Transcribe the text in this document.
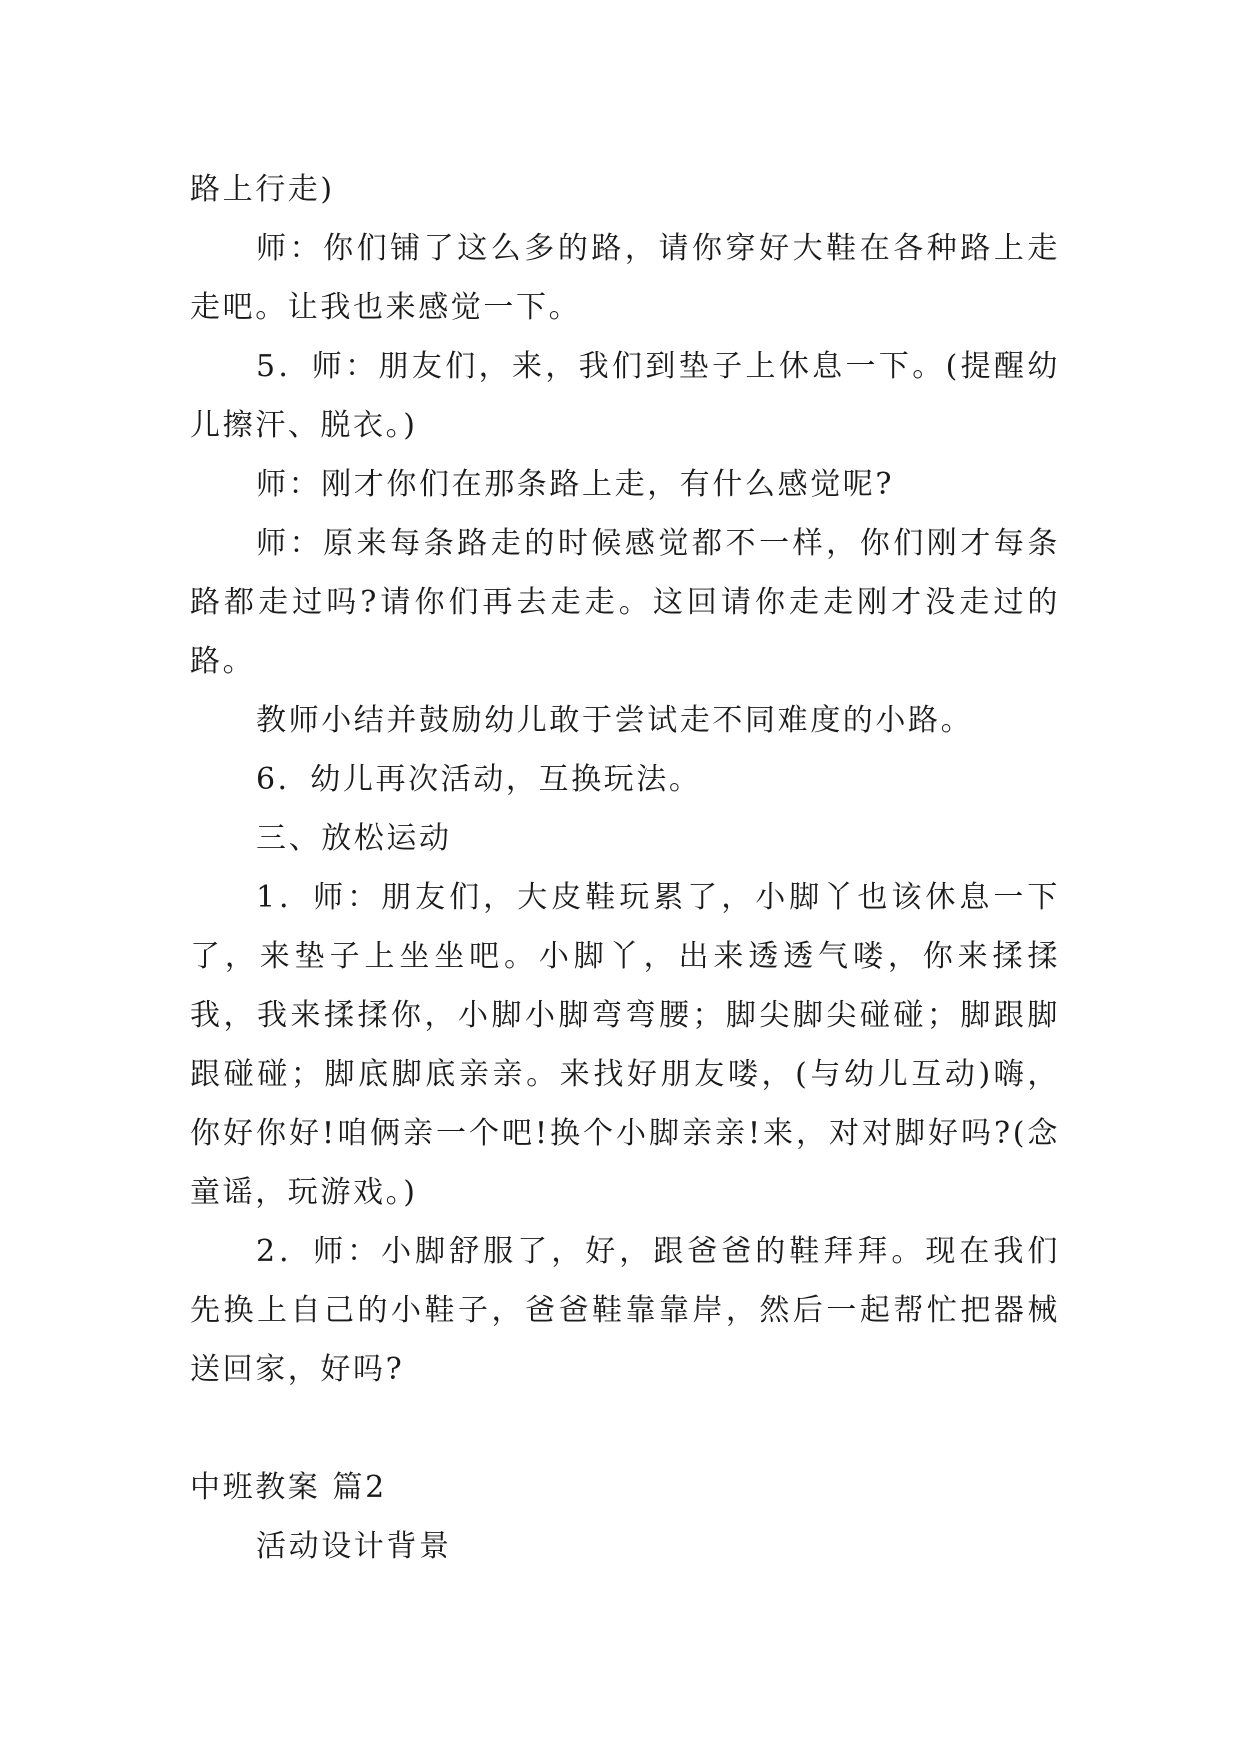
路上行走)

师：你们铺了这么多的路，请你穿好大鞋在各种路上走走吧。让我也来感觉一下。

5．师：朋友们，来，我们到垫子上休息一下。(提醒幼儿擦汗、脱衣。)

师：刚才你们在那条路上走，有什么感觉呢?

师：原来每条路走的时候感觉都不一样，你们刚才每条路都走过吗?请你们再去走走。这回请你走走刚才没走过的路。

教师小结并鼓励幼儿敢于尝试走不同难度的小路。

6．幼儿再次活动，互换玩法。

三、放松运动

1．师：朋友们，大皮鞋玩累了，小脚丫也该休息一下了，来垫子上坐坐吧。小脚丫，出来透透气喽，你来揉揉我，我来揉揉你，小脚小脚弯弯腰；脚尖脚尖碰碰；脚跟脚跟碰碰；脚底脚底亲亲。来找好朋友喽，(与幼儿互动)嗨，你好你好!咱俩亲一个吧!换个小脚亲亲!来，对对脚好吗?(念童谣，玩游戏。)

2．师：小脚舒服了，好，跟爸爸的鞋拜拜。现在我们先换上自己的小鞋子，爸爸鞋靠靠岸，然后一起帮忙把器械送回家，好吗?

中班教案 篇2

活动设计背景
